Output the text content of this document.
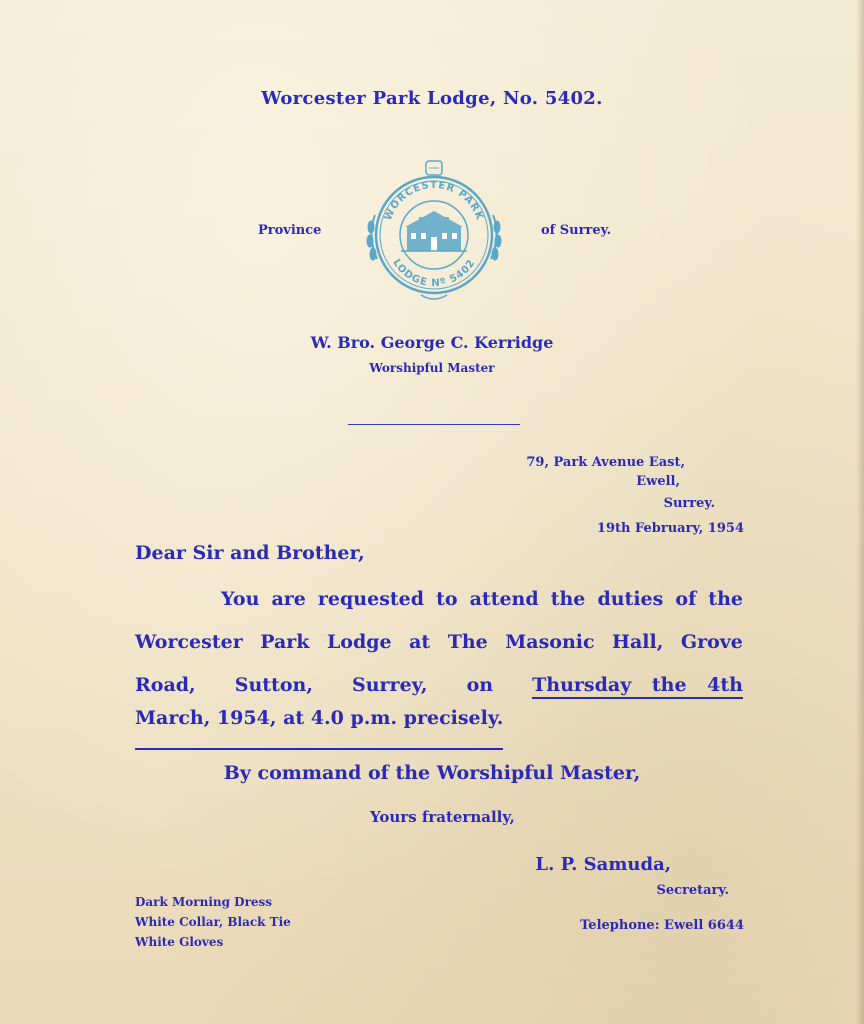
Worcester Park Lodge, No. 5402.
Province	of Surrey.
WORCESTER PARK
LODGE Nº 5402
W. Bro. George C. Kerridge
Worshipful Master
79, Park Avenue East,
Ewell,
Surrey.
19th February, 1954
Dear Sir and Brother,
You are requested to attend the duties of the
Worcester Park Lodge at The Masonic Hall, Grove
Road, Sutton, Surrey, on Thursday the 4th
March, 1954, at 4.0 p.m. precisely.
By command of the Worshipful Master,
Yours fraternally,
L. P. Samuda,
Secretary.
Dark Morning Dress
White Collar, Black Tie
White Gloves
Telephone: Ewell 6644
